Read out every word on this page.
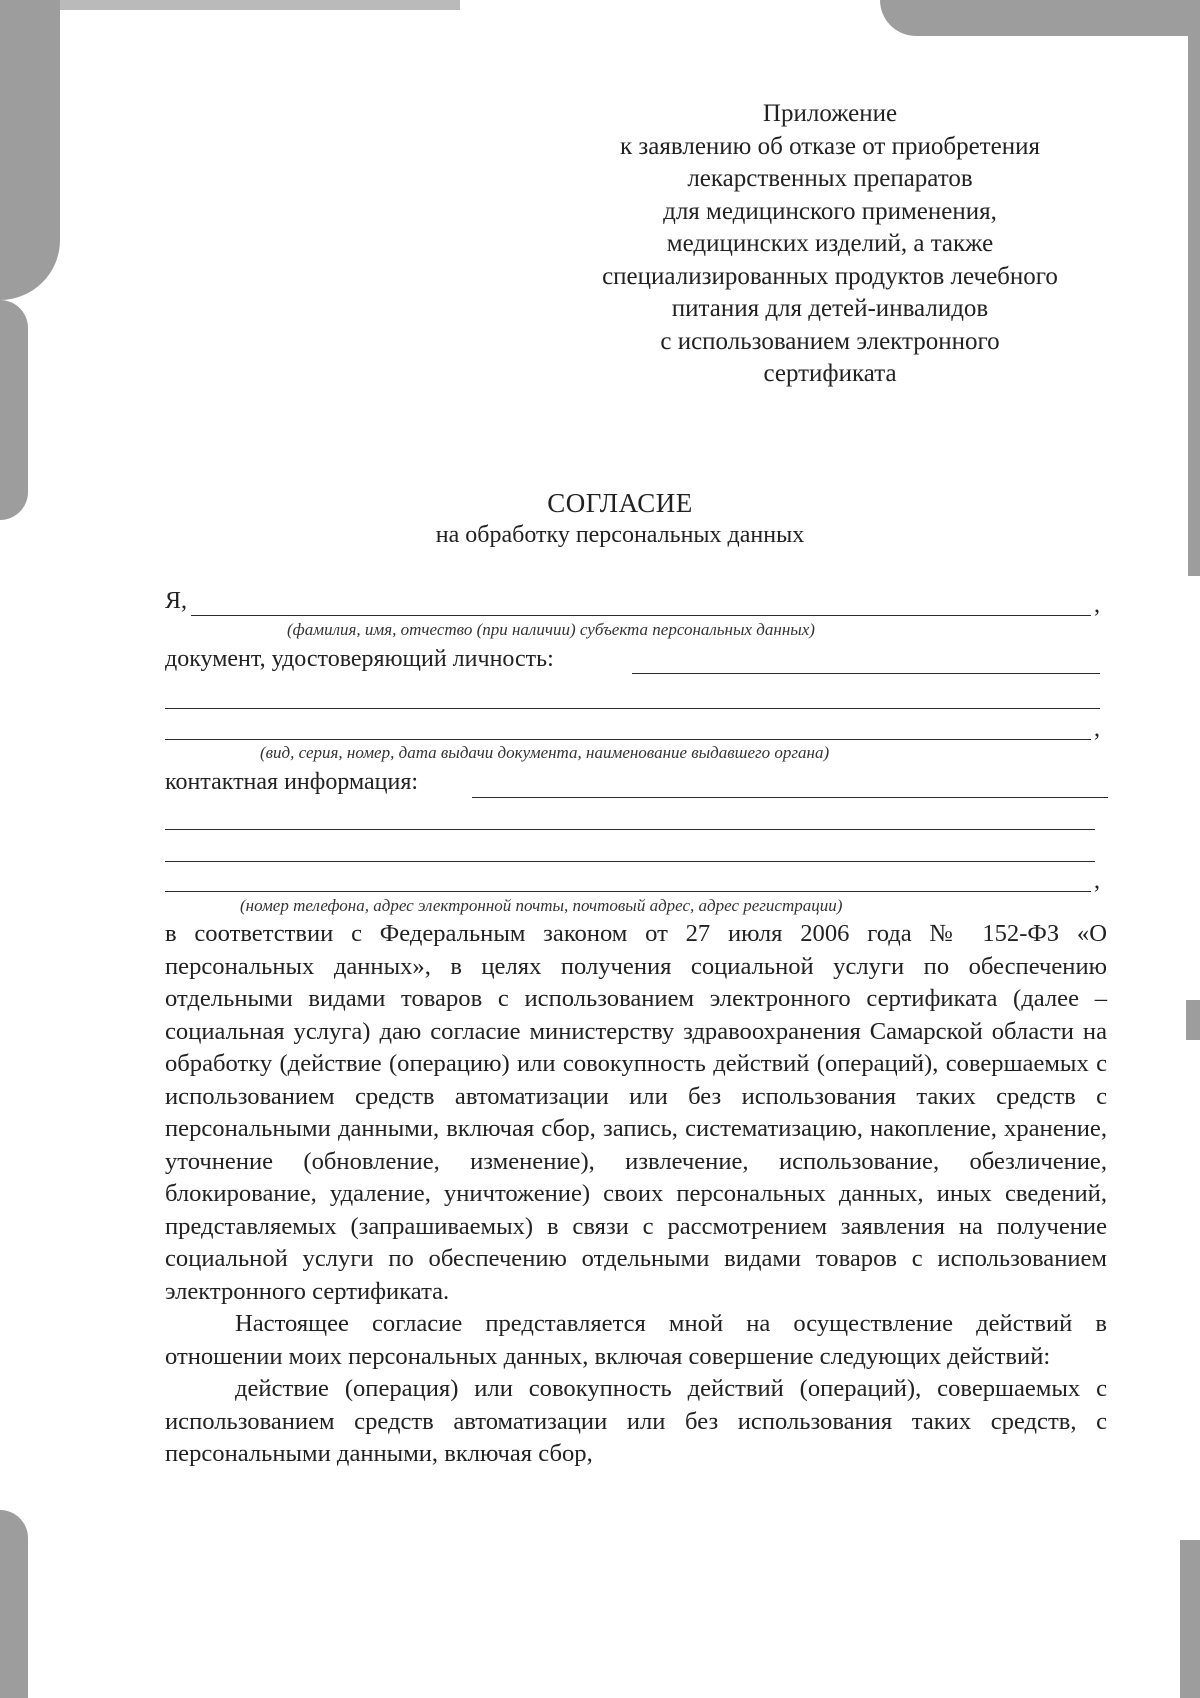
Приложение
к заявлению об отказе от приобретения
лекарственных препаратов
для медицинского применения,
медицинских изделий, а также
специализированных продуктов лечебного
питания для детей-инвалидов
с использованием электронного
сертификата
СОГЛАСИЕ
на обработку персональных данных
Я,	,
(фамилия, имя, отчество (при наличии) субъекта персональных данных)
документ, удостоверяющий личность:
,
(вид, серия, номер, дата выдачи документа, наименование выдавшего органа)
контактная информация:
,
(номер телефона, адрес электронной почты, почтовый адрес, адрес регистрации)

в соответствии с Федеральным законом от 27 июля 2006 года № 152-ФЗ «О персональных данных», в целях получения социальной услуги по обеспечению отдельными видами товаров с использованием электронного сертификата (далее –социальная услуга) даю согласие министерству здравоохранения Самарской области на обработку (действие (операцию) или совокупность действий (операций), совершаемых с использованием средств автоматизации или без использования таких средств с персональными данными, включая сбор, запись, систематизацию, накопление, хранение, уточнение (обновление, изменение), извлечение, использование, обезличение, блокирование, удаление, уничтожение) своих персональных данных, иных сведений, представляемых (запрашиваемых) в связи с рассмотрением заявления на получение социальной услуги по обеспечению отдельными видами товаров с использованием электронного сертификата.

Настоящее согласие представляется мной на осуществление действий в отношении моих персональных данных, включая совершение следующих действий:

действие (операция) или совокупность действий (операций), совершаемых с использованием средств автоматизации или без использования таких средств, с персональными данными, включая сбор,
